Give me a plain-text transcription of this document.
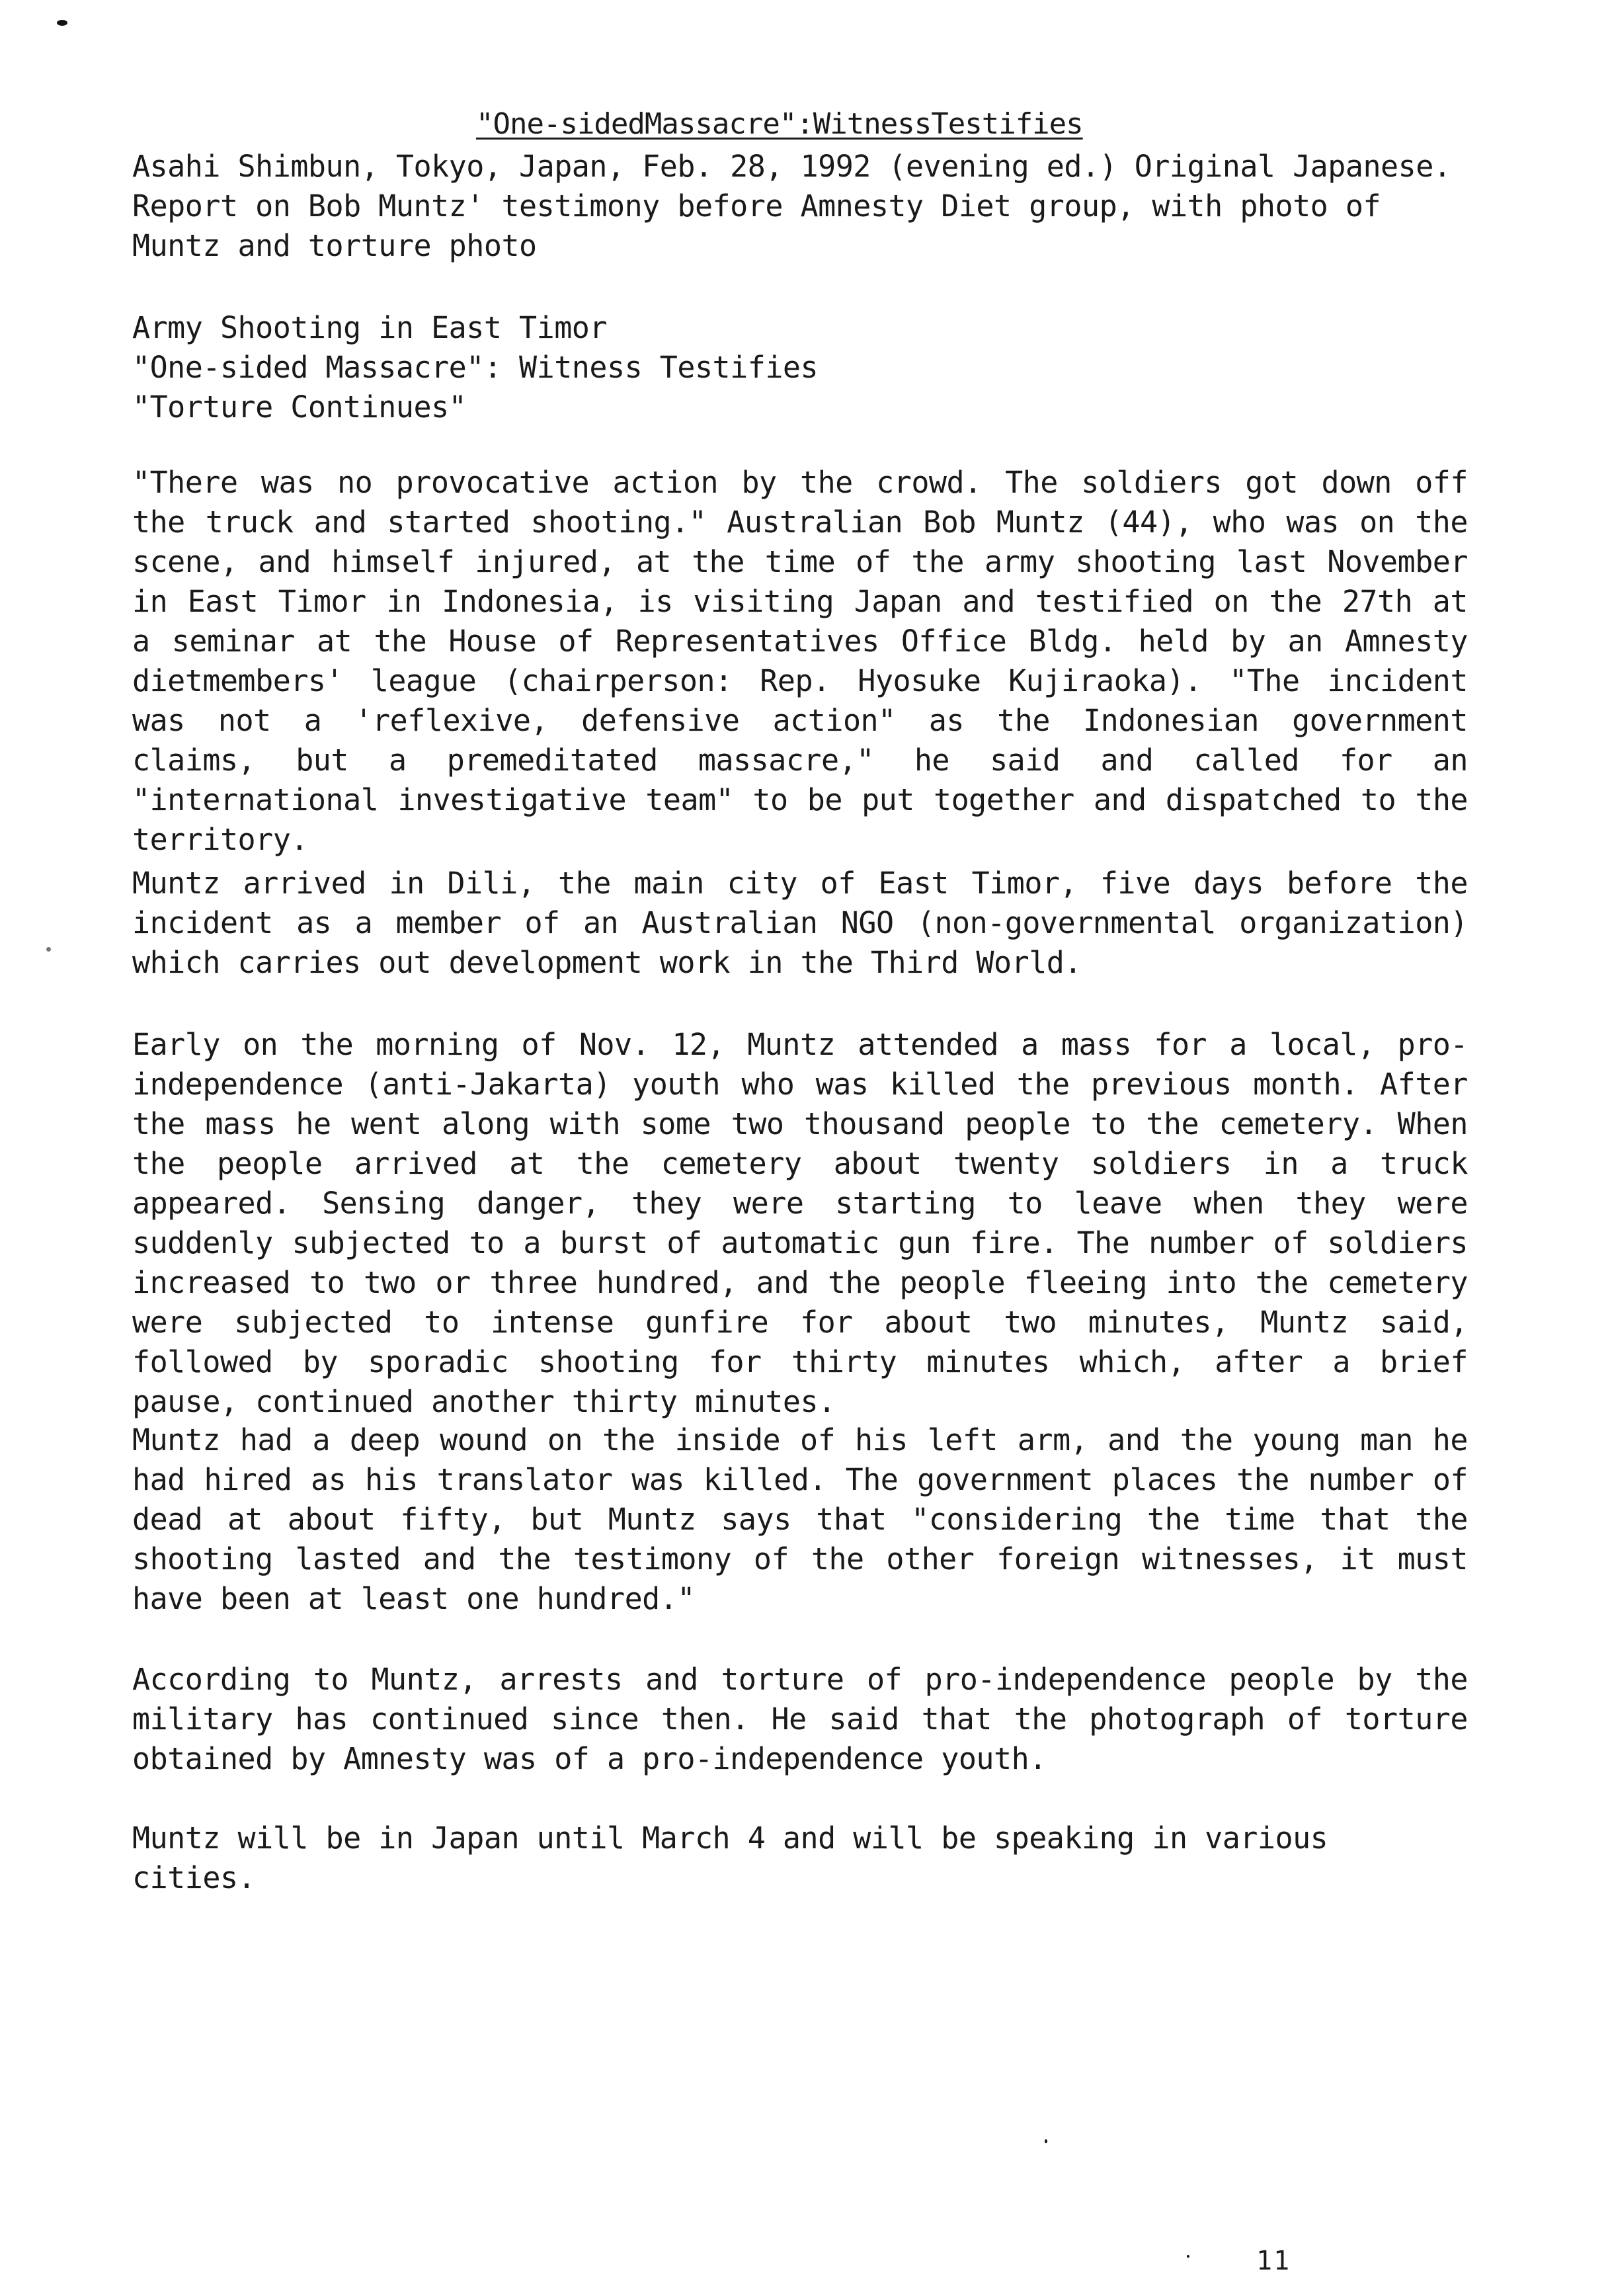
"One-sidedMassacre":WitnessTestifies

Asahi Shimbun, Tokyo, Japan, Feb. 28, 1992 (evening ed.) Original Japanese. Report on Bob Muntz' testimony before Amnesty Diet group, with photo of Muntz and torture photo

Army Shooting in East Timor
"One-sided Massacre": Witness Testifies
"Torture Continues"

"There was no provocative action by the crowd. The soldiers got down off the truck and started shooting." Australian Bob Muntz (44), who was on the scene, and himself injured, at the time of the army shooting last November in East Timor in Indonesia, is visiting Japan and testified on the 27th at a seminar at the House of Representatives Office Bldg. held by an Amnesty dietmembers' league (chairperson: Rep. Hyosuke Kujiraoka). "The incident was not a 'reflexive, defensive action" as the Indonesian government claims, but a premeditated massacre," he said and called for an "international investigative team" to be put together and dispatched to the territory.

Muntz arrived in Dili, the main city of East Timor, five days before the incident as a member of an Australian NGO (non-governmental organization) which carries out development work in the Third World.

Early on the morning of Nov. 12, Muntz attended a mass for a local, pro-independence (anti-Jakarta) youth who was killed the previous month. After the mass he went along with some two thousand people to the cemetery. When the people arrived at the cemetery about twenty soldiers in a truck appeared. Sensing danger, they were starting to leave when they were suddenly subjected to a burst of automatic gun fire. The number of soldiers increased to two or three hundred, and the people fleeing into the cemetery were subjected to intense gunfire for about two minutes, Muntz said, followed by sporadic shooting for thirty minutes which, after a brief pause, continued another thirty minutes.

Muntz had a deep wound on the inside of his left arm, and the young man he had hired as his translator was killed. The government places the number of dead at about fifty, but Muntz says that "considering the time that the shooting lasted and the testimony of the other foreign witnesses, it must have been at least one hundred."

According to Muntz, arrests and torture of pro-independence people by the military has continued since then. He said that the photograph of torture obtained by Amnesty was of a pro-independence youth.

Muntz will be in Japan until March 4 and will be speaking in various cities.

11
